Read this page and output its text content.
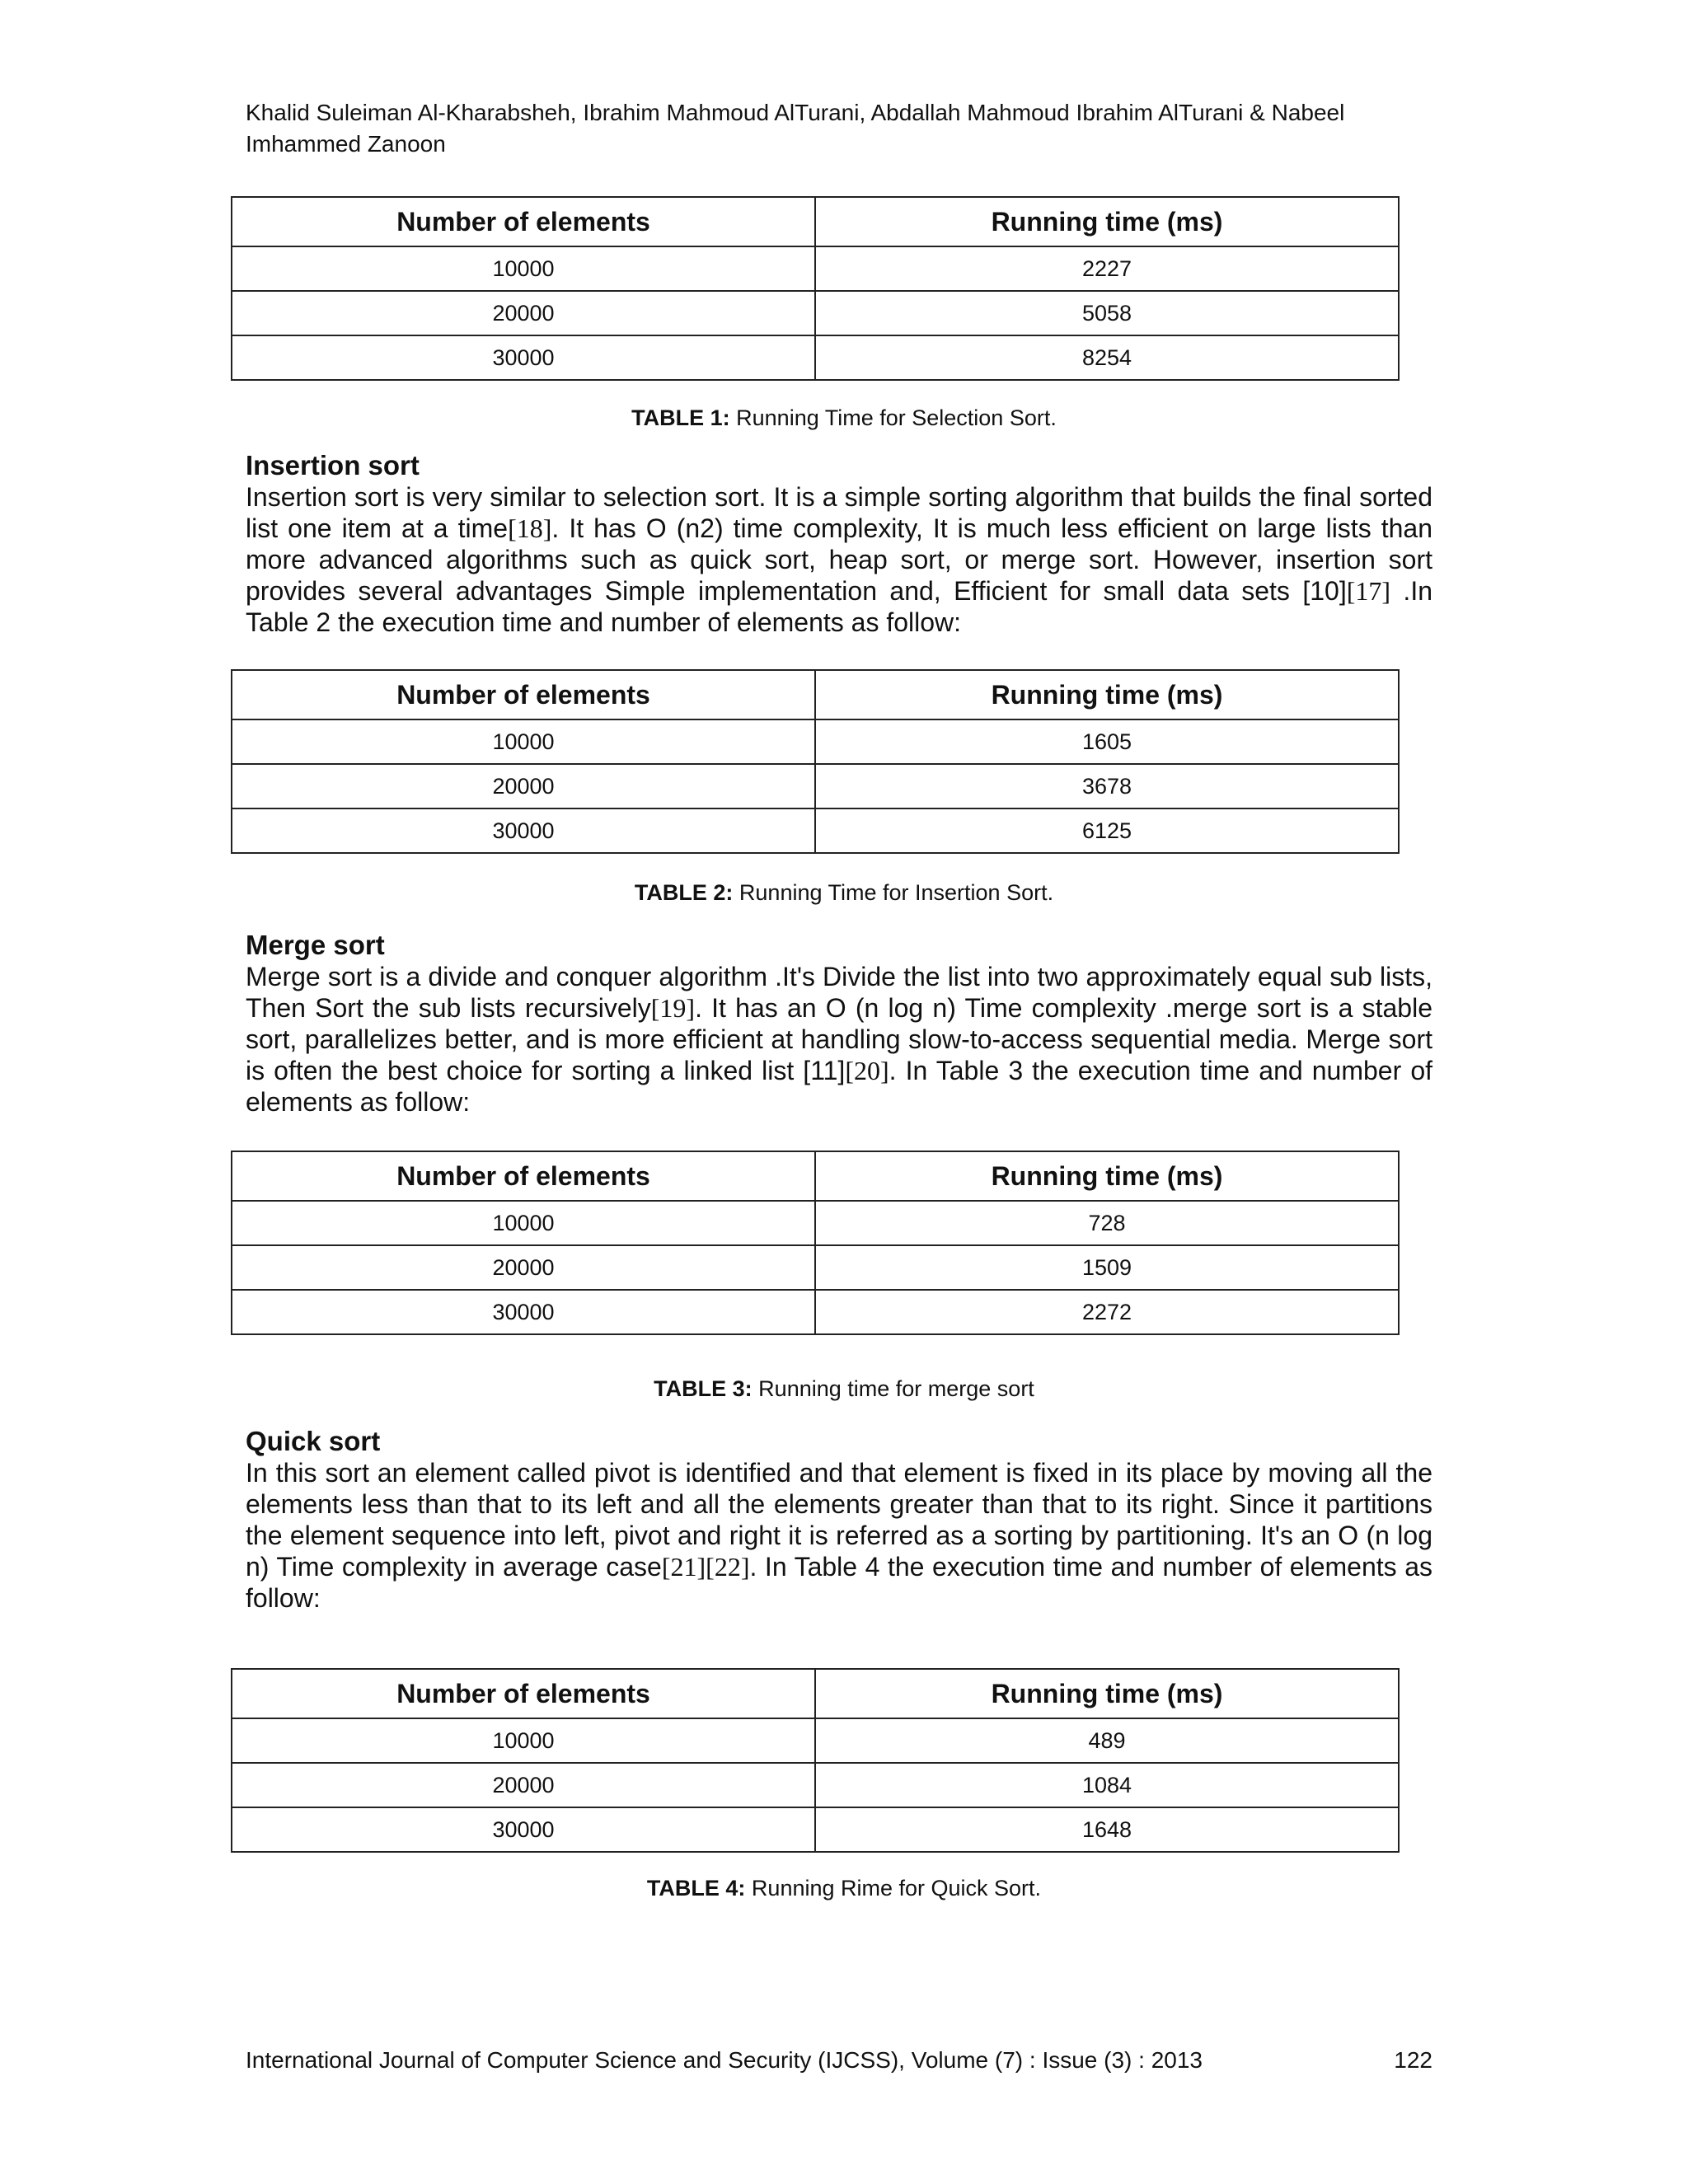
Khalid Suleiman Al-Kharabsheh, Ibrahim Mahmoud AlTurani, Abdallah Mahmoud Ibrahim AlTurani & Nabeel Imhammed Zanoon
Number of elements	Running time (ms)
10000	2227
20000	5058
30000	8254
TABLE 1: Running Time for Selection Sort.
Insertion sort
Insertion sort is very similar to selection sort. It is a simple sorting algorithm that builds the final sorted list one item at a time[18]. It has O (n2) time complexity, It is much less efficient on large lists than more advanced algorithms such as quick sort, heap sort, or merge sort. However, insertion sort provides several advantages Simple implementation and, Efficient for small data sets [10][17] .In Table 2 the execution time and number of elements as follow:
Number of elements	Running time (ms)
10000	1605
20000	3678
30000	6125
TABLE 2: Running Time for Insertion Sort.
Merge sort
Merge sort is a divide and conquer algorithm .It's Divide the list into two approximately equal sub lists, Then Sort the sub lists recursively[19]. It has an O (n log n) Time complexity .merge sort is a stable sort, parallelizes better, and is more efficient at handling slow-to-access sequential media. Merge sort is often the best choice for sorting a linked list [11][20]. In Table 3 the execution time and number of elements as follow:
Number of elements	Running time (ms)
10000	728
20000	1509
30000	2272
TABLE 3: Running time for merge sort
Quick sort
In this sort an element called pivot is identified and that element is fixed in its place by moving all the elements less than that to its left and all the elements greater than that to its right. Since it partitions the element sequence into left, pivot and right it is referred as a sorting by partitioning. It's an O (n log n) Time complexity in average case[21][22]. In Table 4 the execution time and number of elements as follow:
Number of elements	Running time (ms)
10000	489
20000	1084
30000	1648
TABLE 4: Running Rime for Quick Sort.
International Journal of Computer Science and Security (IJCSS), Volume (7) : Issue (3) : 2013	122
